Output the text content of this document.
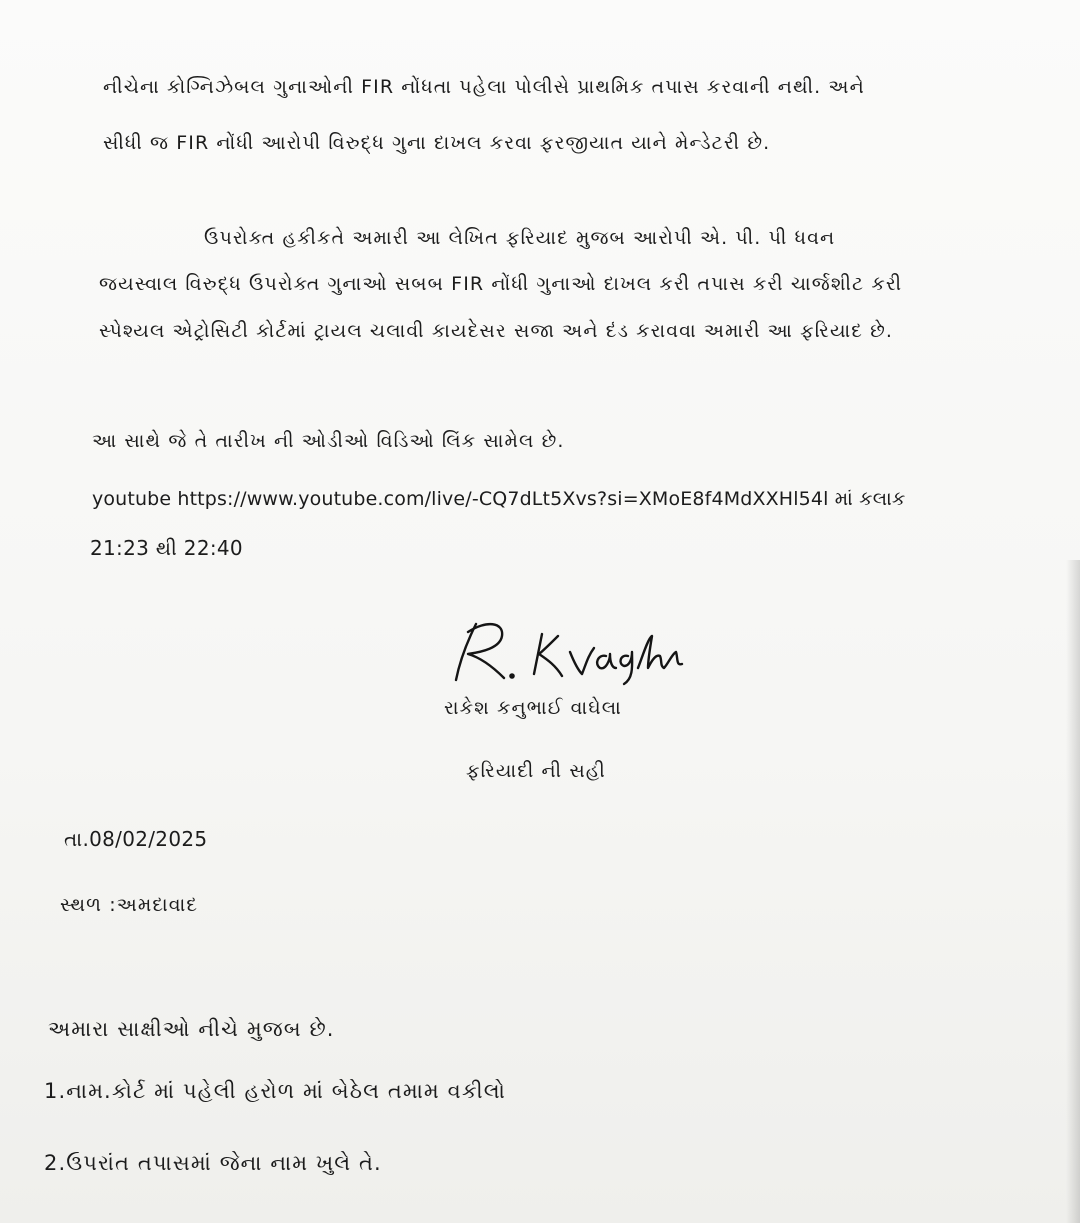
નીચેના કોગ્નિઝેબલ ગુનાઓની FIR નોંધતા પહેલા પોલીસે પ્રાથમિક તપાસ કરવાની નથી. અને
સીધી જ FIR નોંધી આરોપી વિરુદ્ધ ગુના દાખલ કરવા ફરજીયાત યાને મેન્ડેટરી છે.
ઉપરોક્ત હકીકતે અમારી આ લેખિત ફરિયાદ મુજબ આરોપી એ. પી. પી ધવન
જયસ્વાલ વિરુદ્ધ ઉપરોક્ત ગુનાઓ સબબ FIR નોંધી ગુનાઓ દાખલ કરી તપાસ કરી ચાર્જશીટ કરી
સ્પેશ્યલ એટ્રોસિટી કોર્ટમાં ટ્રાયલ ચલાવી કાયદેસર સજા અને દંડ કરાવવા અમારી આ ફરિયાદ છે.
આ સાથે જે તે તારીખ ની ઓડીઓ વિડિઓ લિંક સામેલ છે.
youtube https://www.youtube.com/live/-CQ7dLt5Xvs?si=XMoE8f4MdXXHl54l માં કલાક
21:23 થી 22:40
રાકેશ કનુભાઈ વાઘેલા
ફરિયાદી ની સહી
તા.08/02/2025
સ્થળ :અમદાવાદ
અમારા સાક્ષીઓ નીચે મુજબ છે.
1.નામ.કોર્ટ માં પહેલી હરોળ માં બેઠેલ તમામ વકીલો
2.ઉપરાંત તપાસમાં જેના નામ ખુલે તે.
